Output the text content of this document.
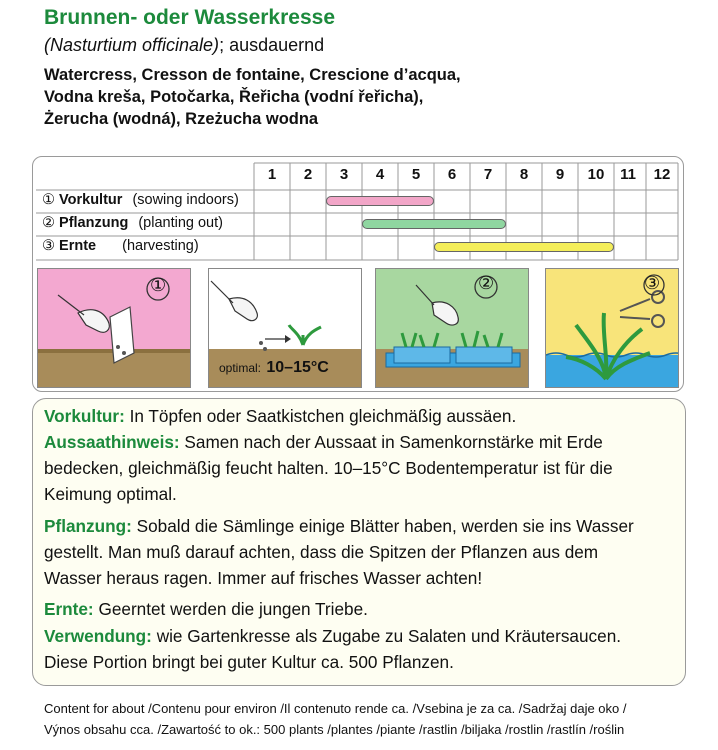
Brunnen- oder Wasserkresse
(Nasturtium officinale); ausdauernd
Watercress, Cresson de fontaine, Crescione d’acqua,
Vodna kreša, Potočarka, Řeřicha (vodní řeřicha),
Żerucha (wodná), Rzeżucha wodna
1	2	3	4	5	6	7	8	9	10	11	12
① Vorkultur (sowing indoors)
② Pflanzung (planting out)
③ Ernte (harvesting)
①
optimal: 10–15°C
②	③
Vorkultur: In Töpfen oder Saatkistchen gleichmäßig aussäen.
Aussaathinweis: Samen nach der Aussaat in Samenkornstärke mit Erde
bedecken, gleichmäßig feucht halten. 10–15°C Bodentemperatur ist für die
Keimung optimal.
Pflanzung: Sobald die Sämlinge einige Blätter haben, werden sie ins Wasser
gestellt. Man muß darauf achten, dass die Spitzen der Pflanzen aus dem
Wasser heraus ragen. Immer auf frisches Wasser achten!
Ernte: Geerntet werden die jungen Triebe.
Verwendung: wie Gartenkresse als Zugabe zu Salaten und Kräutersaucen.
Diese Portion bringt bei guter Kultur ca. 500 Pflanzen.
Content for about /Contenu pour environ /Il contenuto rende ca. /Vsebina je za ca. /Sadržaj daje oko /
Výnos obsahu cca. /Zawartość to ok.: 500 plants /plantes /piante /rastlin /biljaka /rostlin /rastlín /roślin
